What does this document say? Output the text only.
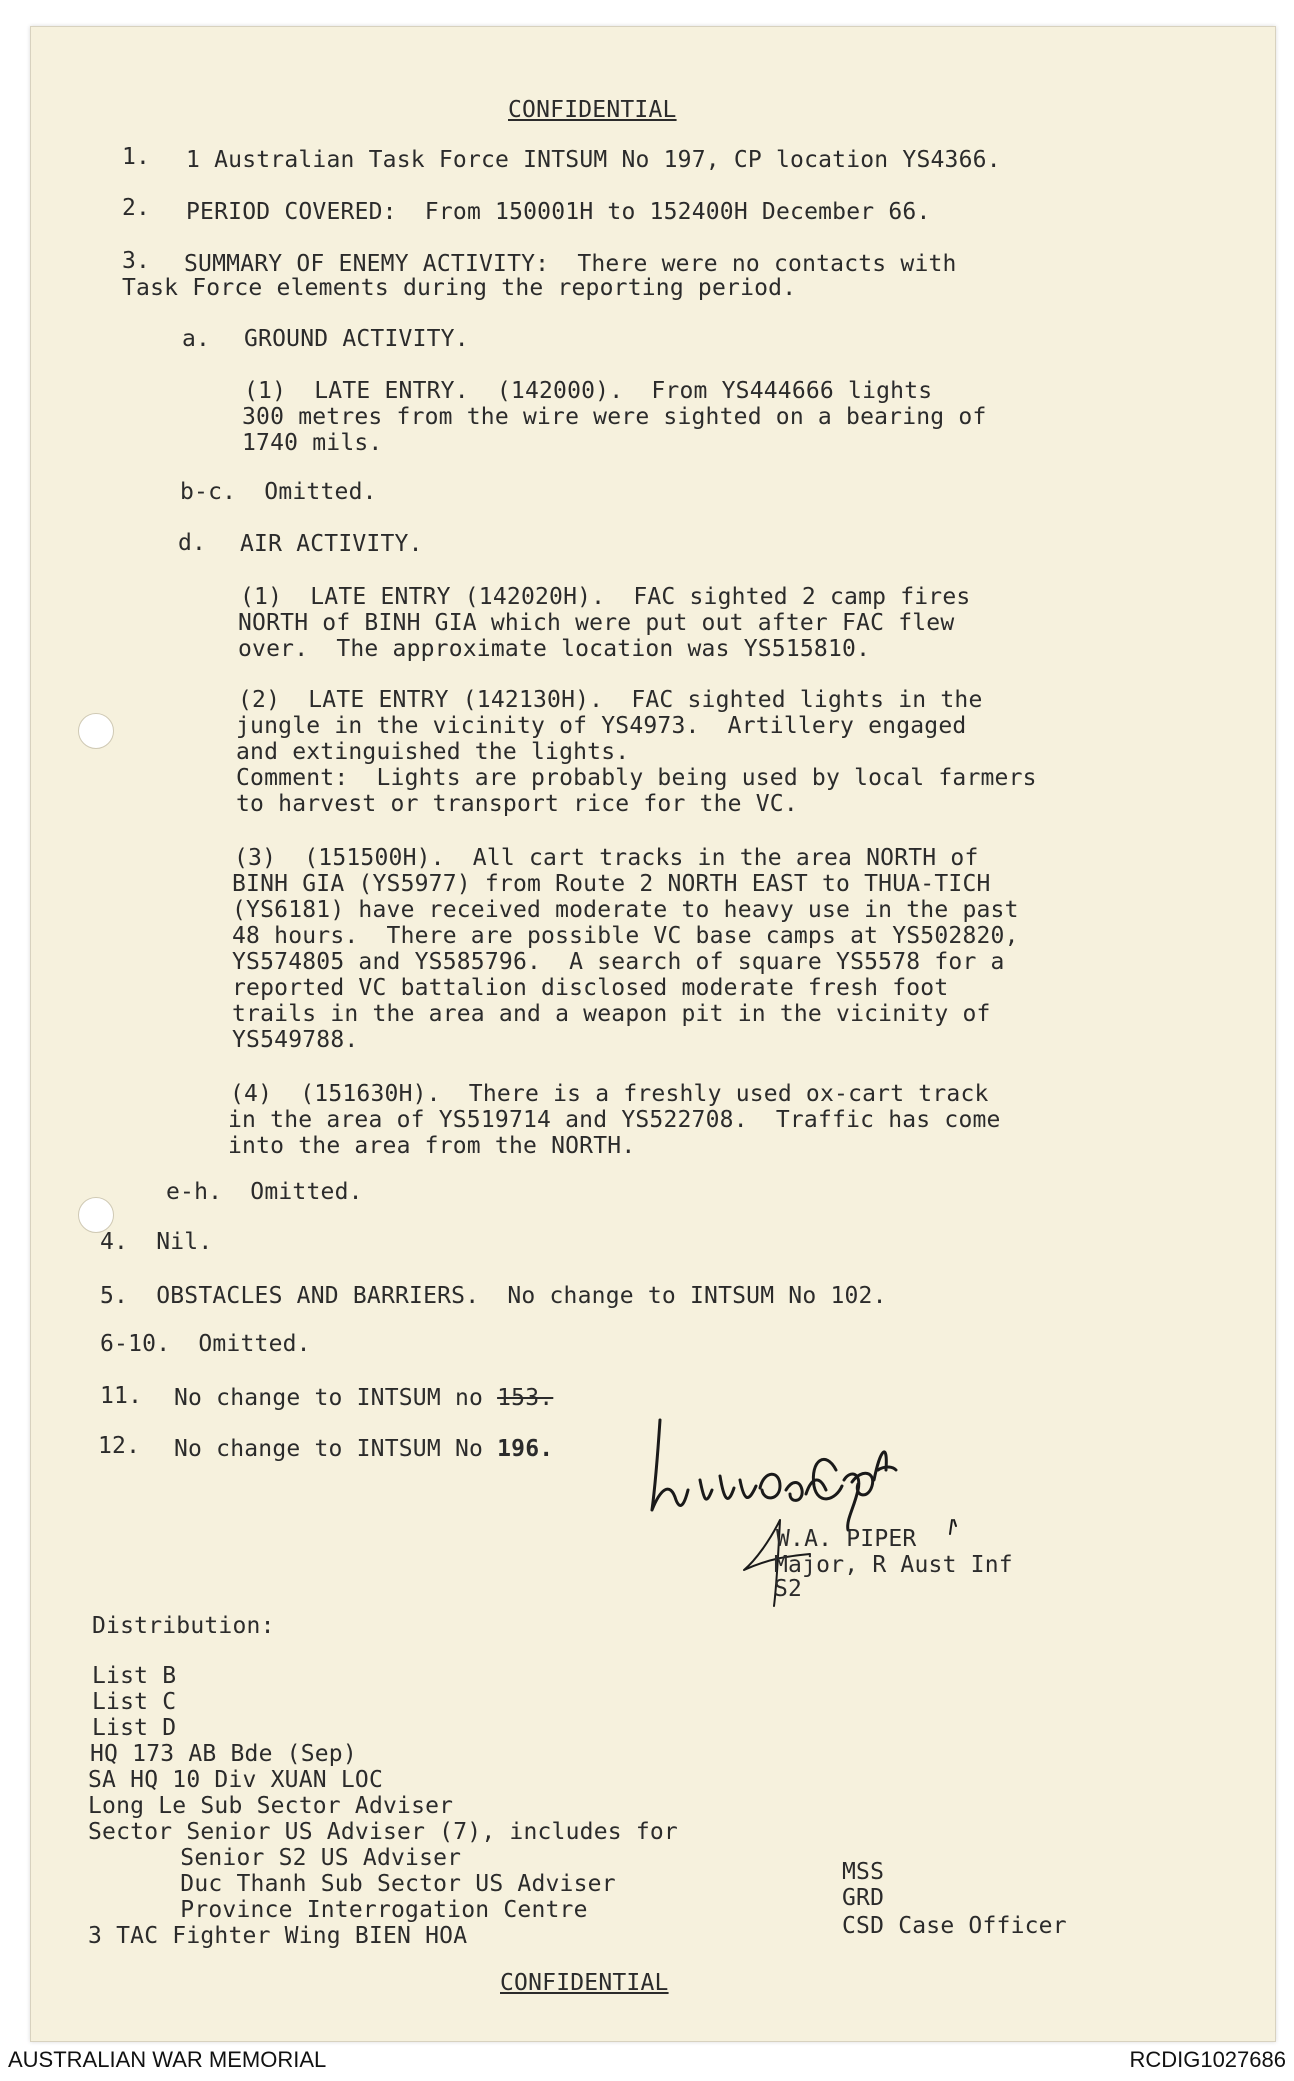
CONFIDENTIAL
1. 1 Australian Task Force INTSUM No 197, CP location YS4366.
2. PERIOD COVERED:  From 150001H to 152400H December 66.
3. SUMMARY OF ENEMY ACTIVITY:  There were no contacts with
Task Force elements during the reporting period.
a. GROUND ACTIVITY.
(1)  LATE ENTRY.  (142000).  From YS444666 lights
300 metres from the wire were sighted on a bearing of
1740 mils.
b-c.  Omitted.
d. AIR ACTIVITY.
(1)  LATE ENTRY (142020H).  FAC sighted 2 camp fires
NORTH of BINH GIA which were put out after FAC flew
over.  The approximate location was YS515810.
(2)  LATE ENTRY (142130H).  FAC sighted lights in the
jungle in the vicinity of YS4973.  Artillery engaged
and extinguished the lights.
Comment:  Lights are probably being used by local farmers
to harvest or transport rice for the VC.
(3)  (151500H).  All cart tracks in the area NORTH of
BINH GIA (YS5977) from Route 2 NORTH EAST to THUA-TICH
(YS6181) have received moderate to heavy use in the past
48 hours.  There are possible VC base camps at YS502820,
YS574805 and YS585796.  A search of square YS5578 for a
reported VC battalion disclosed moderate fresh foot
trails in the area and a weapon pit in the vicinity of
YS549788.
(4)  (151630H).  There is a freshly used ox-cart track
in the area of YS519714 and YS522708.  Traffic has come
into the area from the NORTH.
e-h.  Omitted.
4.  Nil.
5.  OBSTACLES AND BARRIERS.  No change to INTSUM No 102.
6-10.  Omitted.
11. No change to INTSUM no 153.
12. No change to INTSUM No 196.
W.A. PIPER
Major, R Aust Inf
S2
Distribution:
List B
List C
List D
HQ 173 AB Bde (Sep)
SA HQ 10 Div XUAN LOC
Long Le Sub Sector Adviser
Sector Senior US Adviser (7), includes for
Senior S2 US Adviser
Duc Thanh Sub Sector US Adviser
Province Interrogation Centre
3 TAC Fighter Wing BIEN HOA
MSS
GRD
CSD Case Officer
CONFIDENTIAL
AUSTRALIAN WAR MEMORIAL	RCDIG1027686
